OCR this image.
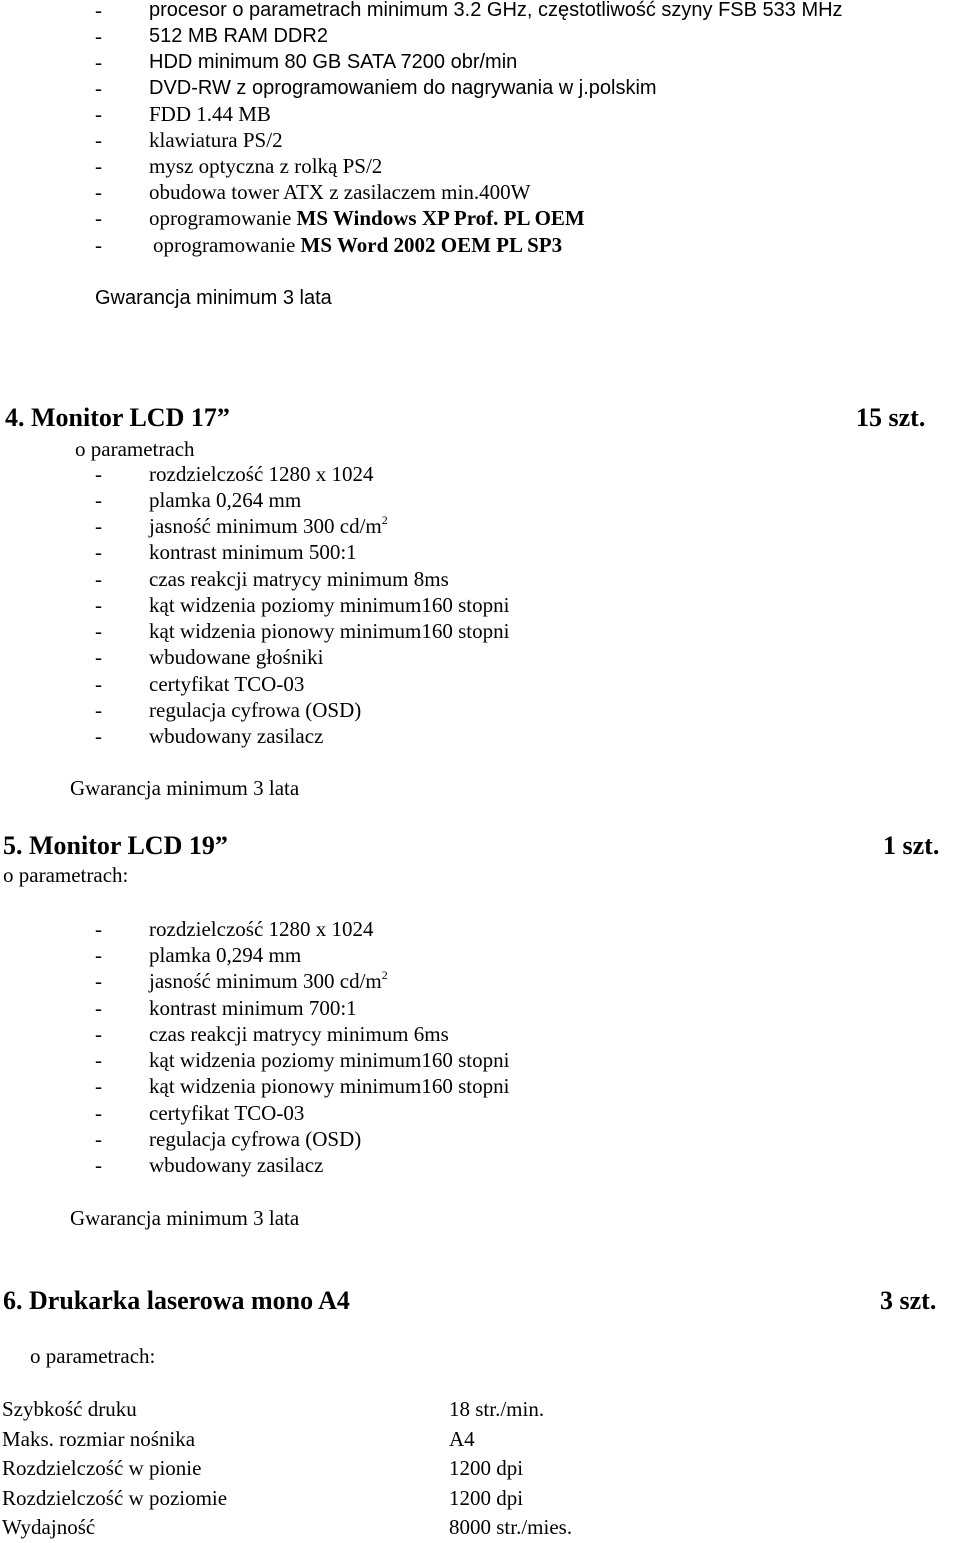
- procesor o parametrach minimum 3.2 GHz, częstotliwość szyny FSB 533 MHz
- 512 MB RAM DDR2
- HDD minimum 80 GB SATA 7200 obr/min
- DVD-RW z oprogramowaniem do nagrywania w j.polskim
- FDD 1.44 MB
- klawiatura PS/2
- mysz optyczna z rolką PS/2
- obudowa tower ATX z zasilaczem min.400W
- oprogramowanie MS Windows XP Prof. PL OEM
- oprogramowanie MS Word 2002 OEM PL SP3
Gwarancja minimum 3 lata
4. Monitor LCD 17”	15 szt.
o parametrach
- rozdzielczość 1280 x 1024
- plamka 0,264 mm
- jasność minimum 300 $cd/m^2$
- kontrast minimum 500:1
- czas reakcji matrycy minimum 8ms
- kąt widzenia poziomy minimum160 stopni
- kąt widzenia pionowy minimum160 stopni
- wbudowane głośniki
- certyfikat TCO-03
- regulacja cyfrowa (OSD)
- wbudowany zasilacz
Gwarancja minimum 3 lata
5. Monitor LCD 19”	1 szt.
o parametrach:
- rozdzielczość 1280 x 1024
- plamka 0,294 mm
- jasność minimum 300 $cd/m^2$
- kontrast minimum 700:1
- czas reakcji matrycy minimum 6ms
- kąt widzenia poziomy minimum160 stopni
- kąt widzenia pionowy minimum160 stopni
- certyfikat TCO-03
- regulacja cyfrowa (OSD)
- wbudowany zasilacz
Gwarancja minimum 3 lata
6. Drukarka laserowa mono A4	3 szt.
o parametrach:
Szybkość druku	18 str./min.
Maks. rozmiar nośnika	A4
Rozdzielczość w pionie	1200 dpi
Rozdzielczość w poziomie	1200 dpi
Wydajność	8000 str./mies.
